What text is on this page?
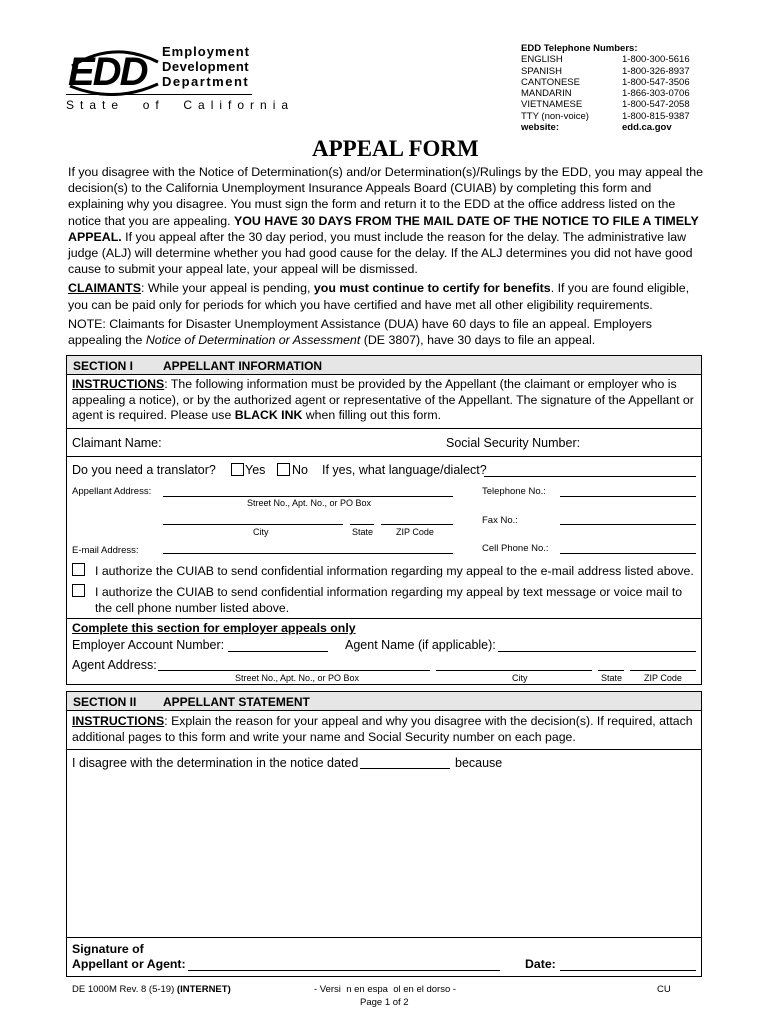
EDD Employment
Development
Department
State  of  California
EDD Telephone Numbers:
ENGLISH	1-800-300-5616
SPANISH	1-800-326-8937
CANTONESE	1-800-547-3506
MANDARIN	1-866-303-0706
VIETNAMESE	1-800-547-2058
TTY (non-voice)	1-800-815-9387
website:	edd.ca.gov
APPEAL FORM

If you disagree with the Notice of Determination(s) and/or Determination(s)/Rulings by the EDD, you may appeal the decision(s) to the California Unemployment Insurance Appeals Board (CUIAB) by completing this form and explaining why you disagree. You must sign the form and return it to the EDD at the office address listed on the notice that you are appealing. YOU HAVE 30 DAYS FROM THE MAIL DATE OF THE NOTICE TO FILE A TIMELY APPEAL. If you appeal after the 30 day period, you must include the reason for the delay. The administrative law judge (ALJ) will determine whether you had good cause for the delay. If the ALJ determines you did not have good cause to submit your appeal late, your appeal will be dismissed.

CLAIMANTS: While your appeal is pending, you must continue to certify for benefits. If you are found eligible, you can be paid only for periods for which you have certified and have met all other eligibility requirements.

NOTE: Claimants for Disaster Unemployment Assistance (DUA) have 60 days to file an appeal. Employers appealing the Notice of Determination or Assessment (DE 3807), have 30 days to file an appeal.

SECTION I APPELLANT INFORMATION
INSTRUCTIONS: The following information must be provided by the Appellant (the claimant or employer who is appealing a notice), or by the authorized agent or representative of the Appellant. The signature of the Appellant or agent is required. Please use BLACK INK when filling out this form.
Claimant Name:	Social Security Number:
Do you need a translator? Yes No If yes, what language/dialect?
Appellant Address:
Street No., Apt. No., or PO Box
Telephone No.:
City	State	ZIP Code
Fax No.:
E-mail Address:	Cell Phone No.:
I authorize the CUIAB to send confidential information regarding my appeal to the e-mail address listed above.
I authorize the CUIAB to send confidential information regarding my appeal by text message or voice mail to
the cell phone number listed above.
Complete this section for employer appeals only
Employer Account Number:	Agent Name (if applicable):
Agent Address:
Street No., Apt. No., or PO Box	City	State ZIP Code
SECTION II APPELLANT STATEMENT
INSTRUCTIONS: Explain the reason for your appeal and why you disagree with the decision(s). If required, attach additional pages to this form and write your name and Social Security number on each page.
I disagree with the determination in the notice dated	because
Signature of
Appellant or Agent:	Date:
DE 1000M Rev. 8 (5-19) (INTERNET)	- Versi  n en espa  ol en el dorso -
Page 1 of 2
CU
